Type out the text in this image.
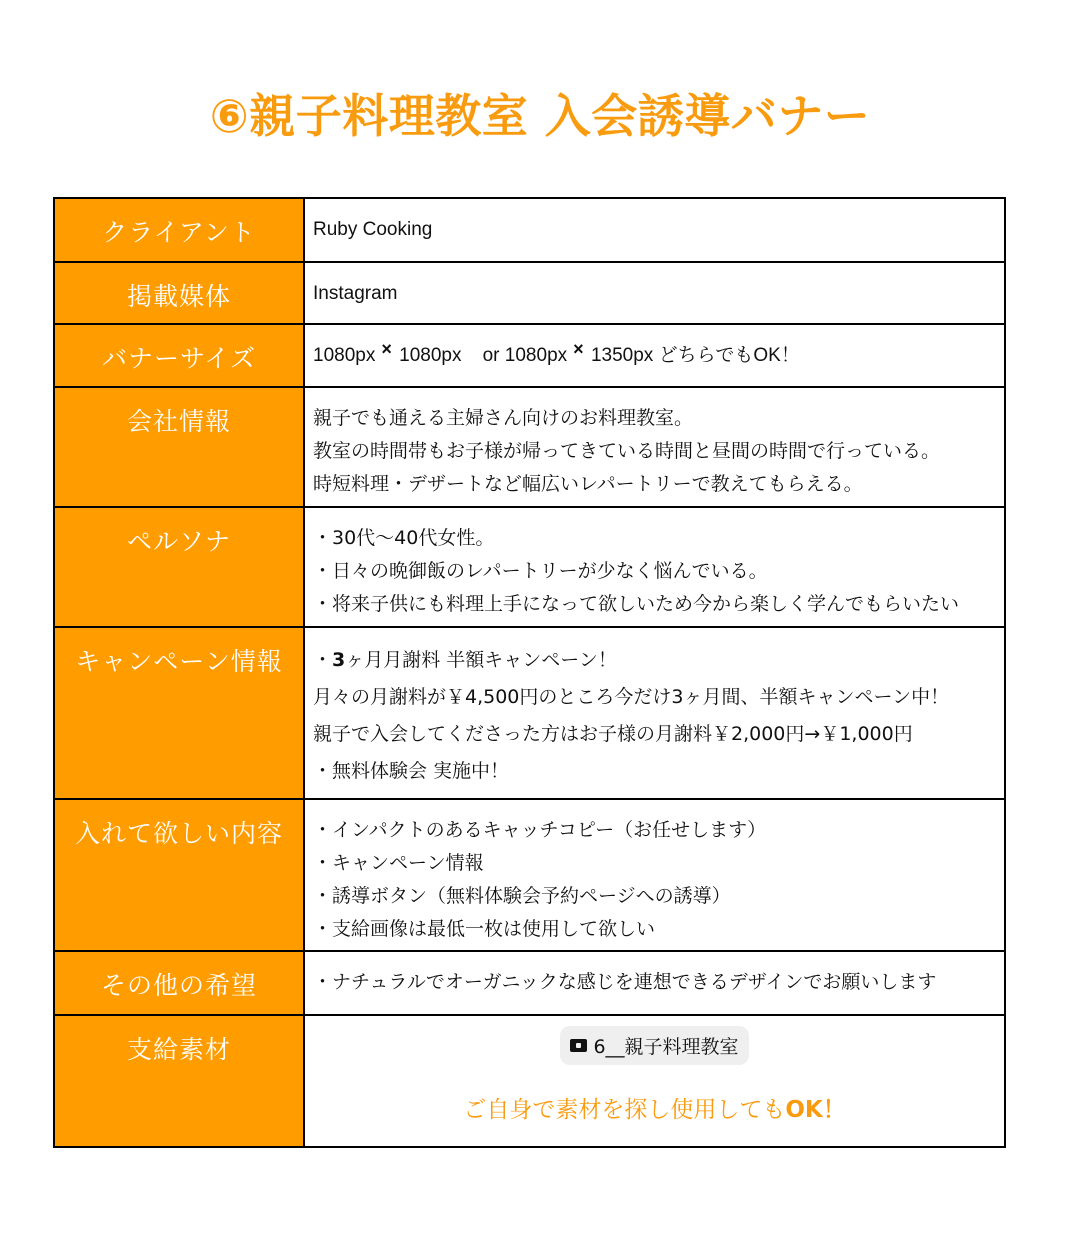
⑥親子料理教室 入会誘導バナー
クライアント	Ruby Cooking

掲載媒体	Instagram

バナーサイズ	1080px × 1080px or 1080px × 1350px どちらでもOK！

会社情報	親子でも通える主婦さん向けのお料理教室。

教室の時間帯もお子様が帰ってきている時間と昼間の時間で行っている。

時短料理・デザートなど幅広いレパートリーで教えてもらえる。

ペルソナ	・30代〜40代女性。

・日々の晩御飯のレパートリーが少なく悩んでいる。

・将来子供にも料理上手になって欲しいため今から楽しく学んでもらいたい

キャンペーン情報	・3ヶ月月謝料 半額キャンペーン！

月々の月謝料が￥4,500円のところ今だけ3ヶ月間、半額キャンペーン中！

親子で入会してくださった方はお子様の月謝料￥2,000円→￥1,000円

・無料体験会 実施中！

入れて欲しい内容	・インパクトのあるキャッチコピー（お任せします）

・キャンペーン情報

・誘導ボタン（無料体験会予約ページへの誘導）

・支給画像は最低一枚は使用して欲しい

その他の希望	・ナチュラルでオーガニックな感じを連想できるデザインでお願いします

支給素材	6__親子料理教室
ご自身で素材を探し使用してもOK！
